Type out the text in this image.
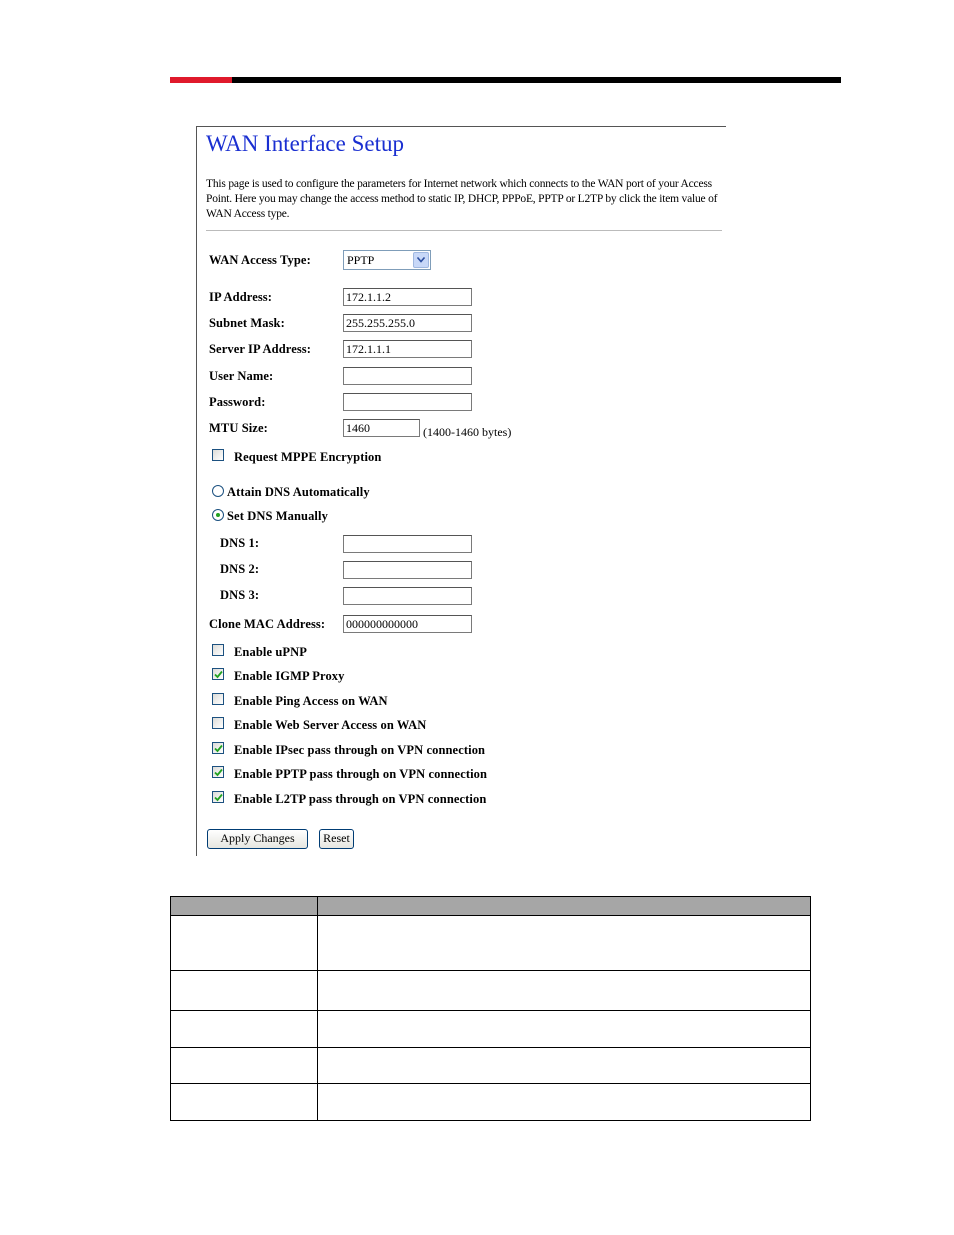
WAN Interface Setup
This page is used to configure the parameters for Internet network which connects to the WAN port of your Access Point. Here you may change the access method to static IP, DHCP, PPPoE, PPTP or L2TP by click the item value of WAN Access type.
WAN Access Type:	PPTP
IP Address:	172.1.1.2
Subnet Mask:	255.255.255.0
Server IP Address:	172.1.1.1
User Name:
Password:
MTU Size:	1460	(1400-1460 bytes)
Request MPPE Encryption
Attain DNS Automatically
Set DNS Manually
DNS 1:
DNS 2:
DNS 3:
Clone MAC Address: 000000000000
Enable uPNP
Enable IGMP Proxy
Enable Ping Access on WAN
Enable Web Server Access on WAN
Enable IPsec pass through on VPN connection
Enable PPTP pass through on VPN connection
Enable L2TP pass through on VPN connection
Apply Changes	Reset
